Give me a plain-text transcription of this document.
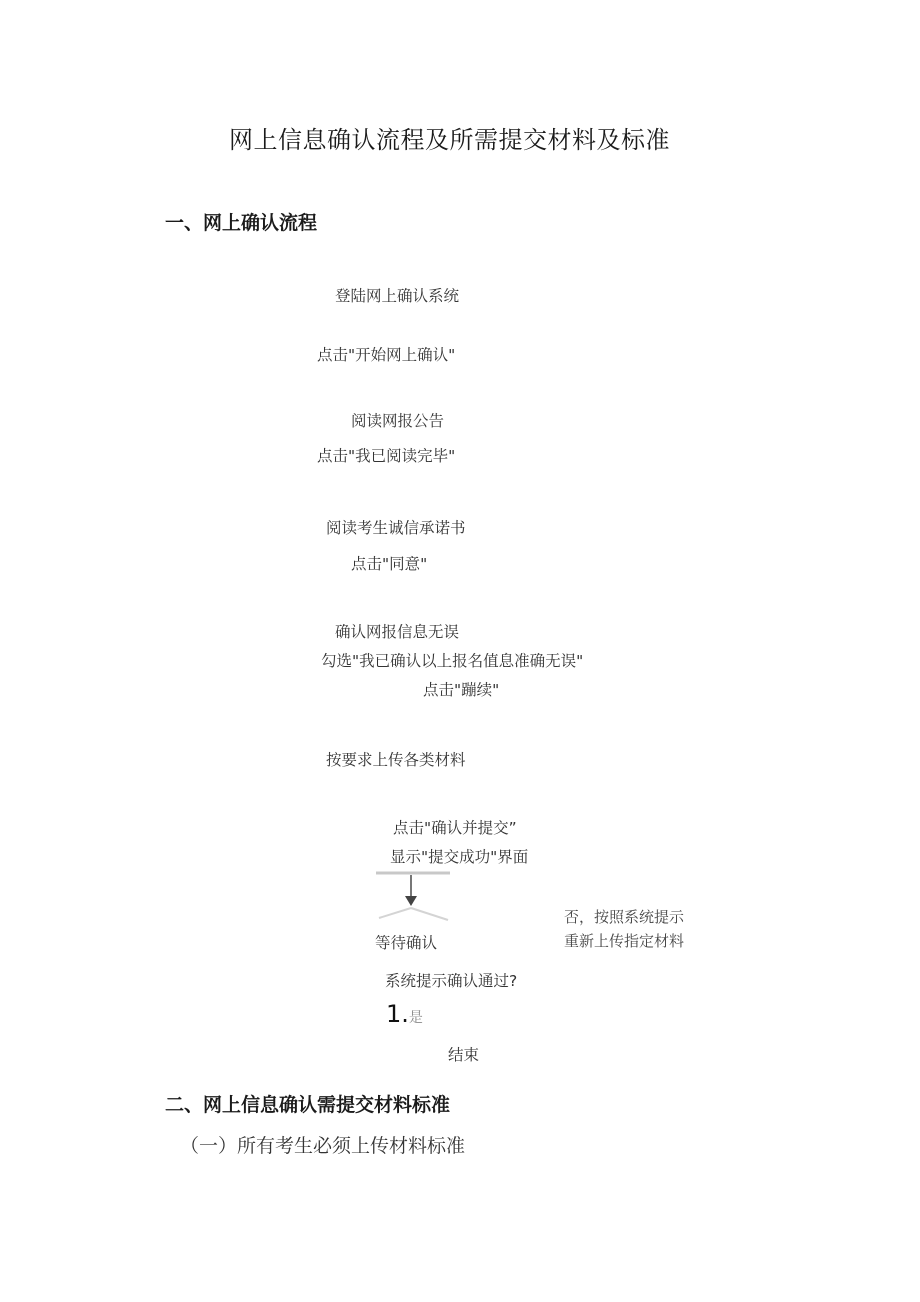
网上信息确认流程及所需提交材料及标准
一、网上确认流程
登陆网上确认系统
点击"开始网上确认"
阅读网报公告
点击"我已阅读完毕"
阅读考生诚信承诺书
点击"同意"
确认网报信息无误
勾选"我已确认以上报名值息准确无误"
点击"蹦续"
按要求上传各类材料
点击"确认并提交”
显示"提交成功"界面
等待确认
否，按照系统提示
重新上传指定材料
系统提示确认通过?
1.是
结束
二、网上信息确认需提交材料标准
（一）所有考生必须上传材料标准
